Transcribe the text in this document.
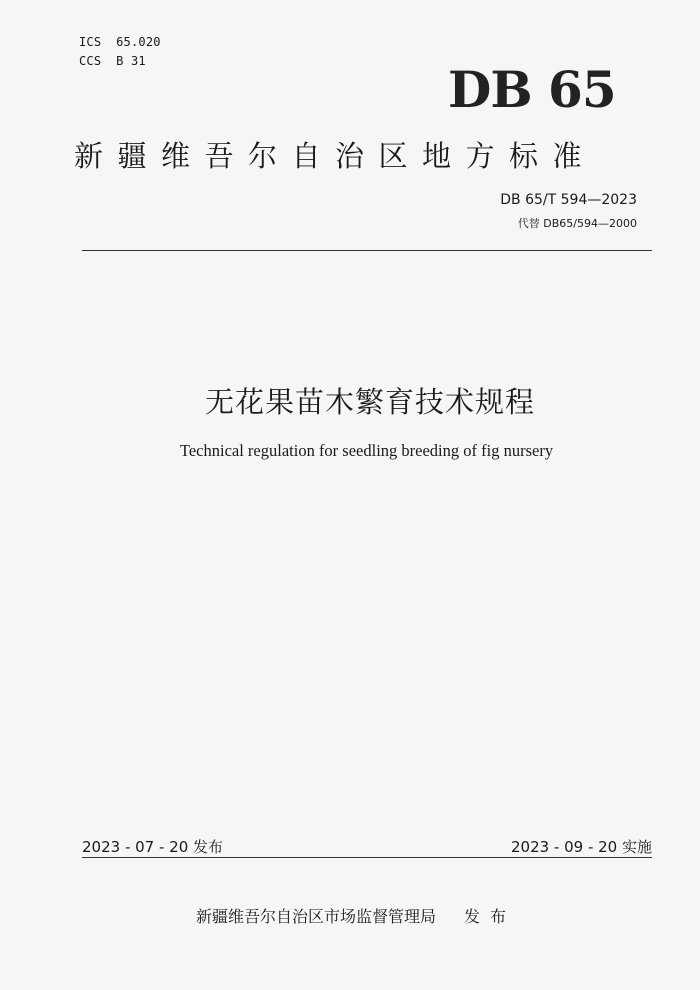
ICS  65.020
CCS  B 31	DB 65
新疆维吾尔自治区地方标准
DB 65/T 594—2023
代替 DB65/594—2000
无花果苗木繁育技术规程
Technical regulation for seedling breeding of fig nursery
2023 - 07 - 20 发布	2023 - 09 - 20 实施
新疆维吾尔自治区市场监督管理局 发布
